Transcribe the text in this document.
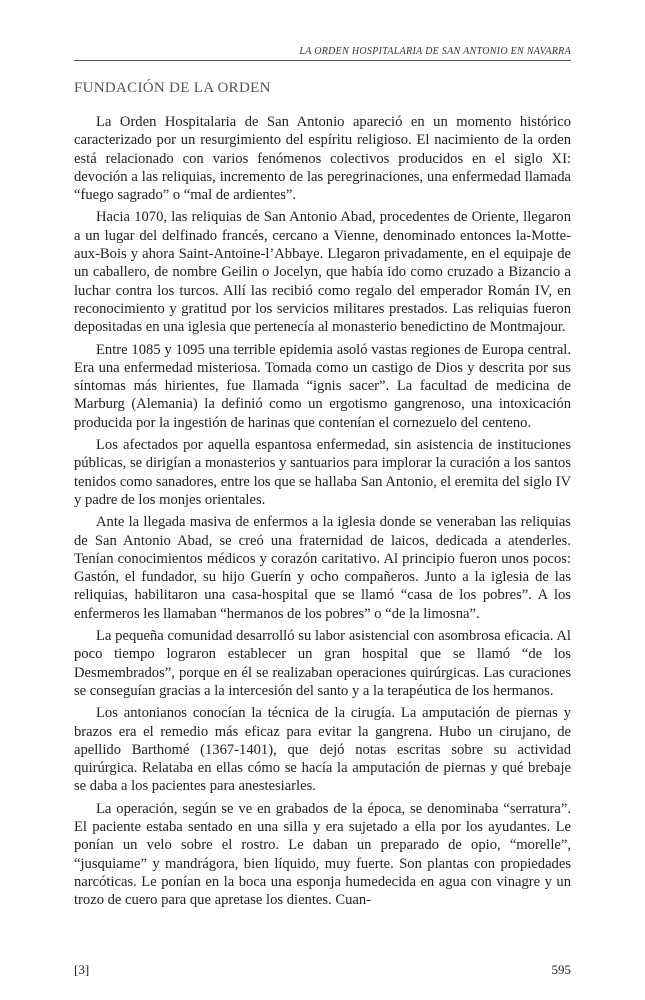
LA ORDEN HOSPITALARIA DE SAN ANTONIO EN NAVARRA
FUNDACIÓN DE LA ORDEN

La Orden Hospitalaria de San Antonio apareció en un momento histórico caracterizado por un resurgimiento del espíritu religioso. El nacimiento de la orden está relacionado con varios fenómenos colectivos producidos en el siglo XI: devoción a las reliquias, incremento de las peregrinaciones, una enfermedad llamada “fuego sagrado” o “mal de ardientes”.

Hacia 1070, las reliquias de San Antonio Abad, procedentes de Oriente, llegaron a un lugar del delfinado francés, cercano a Vienne, denominado entonces la-Motte-aux-Bois y ahora Saint-Antoine-l’Abbaye. Llegaron privadamente, en el equipaje de un caballero, de nombre Geilin o Jocelyn, que había ido como cruzado a Bizancio a luchar contra los turcos. Allí las recibió como regalo del emperador Román IV, en reconocimiento y gratitud por los servicios militares prestados. Las reliquias fueron depositadas en una iglesia que pertenecía al monasterio benedictino de Montmajour.

Entre 1085 y 1095 una terrible epidemia asoló vastas regiones de Europa central. Era una enfermedad misteriosa. Tomada como un castigo de Dios y descrita por sus síntomas más hirientes, fue llamada “ignis sacer”. La facultad de medicina de Marburg (Alemania) la definió como un ergotismo gangrenoso, una intoxicación producida por la ingestión de harinas que contenían el cornezuelo del centeno.

Los afectados por aquella espantosa enfermedad, sin asistencia de instituciones públicas, se dirigían a monasterios y santuarios para implorar la curación a los santos tenidos como sanadores, entre los que se hallaba San Antonio, el eremita del siglo IV y padre de los monjes orientales.

Ante la llegada masiva de enfermos a la iglesia donde se veneraban las reliquias de San Antonio Abad, se creó una fraternidad de laicos, dedicada a atenderles. Tenían conocimientos médicos y corazón caritativo. Al principio fueron unos pocos: Gastón, el fundador, su hijo Guerín y ocho compañeros. Junto a la iglesia de las reliquias, habilitaron una casa-hospital que se llamó “casa de los pobres”. A los enfermeros les llamaban “hermanos de los pobres” o “de la limosna”.

La pequeña comunidad desarrolló su labor asistencial con asombrosa eficacia. Al poco tiempo lograron establecer un gran hospital que se llamó “de los Desmembrados”, porque en él se realizaban operaciones quirúrgicas. Las curaciones se conseguían gracias a la intercesión del santo y a la terapéutica de los hermanos.

Los antonianos conocían la técnica de la cirugía. La amputación de piernas y brazos era el remedio más eficaz para evitar la gangrena. Hubo un cirujano, de apellido Barthomé (1367-1401), que dejó notas escritas sobre su actividad quirúrgica. Relataba en ellas cómo se hacía la amputación de piernas y qué brebaje se daba a los pacientes para anestesiarles.

La operación, según se ve en grabados de la época, se denominaba “serratura”. El paciente estaba sentado en una silla y era sujetado a ella por los ayudantes. Le ponían un velo sobre el rostro. Le daban un preparado de opio, “morelle”, “jusquiame” y mandrágora, bien líquido, muy fuerte. Son plantas con propiedades narcóticas. Le ponían en la boca una esponja humedecida en agua con vinagre y un trozo de cuero para que apretase los dientes. Cuan-

[3]	595
